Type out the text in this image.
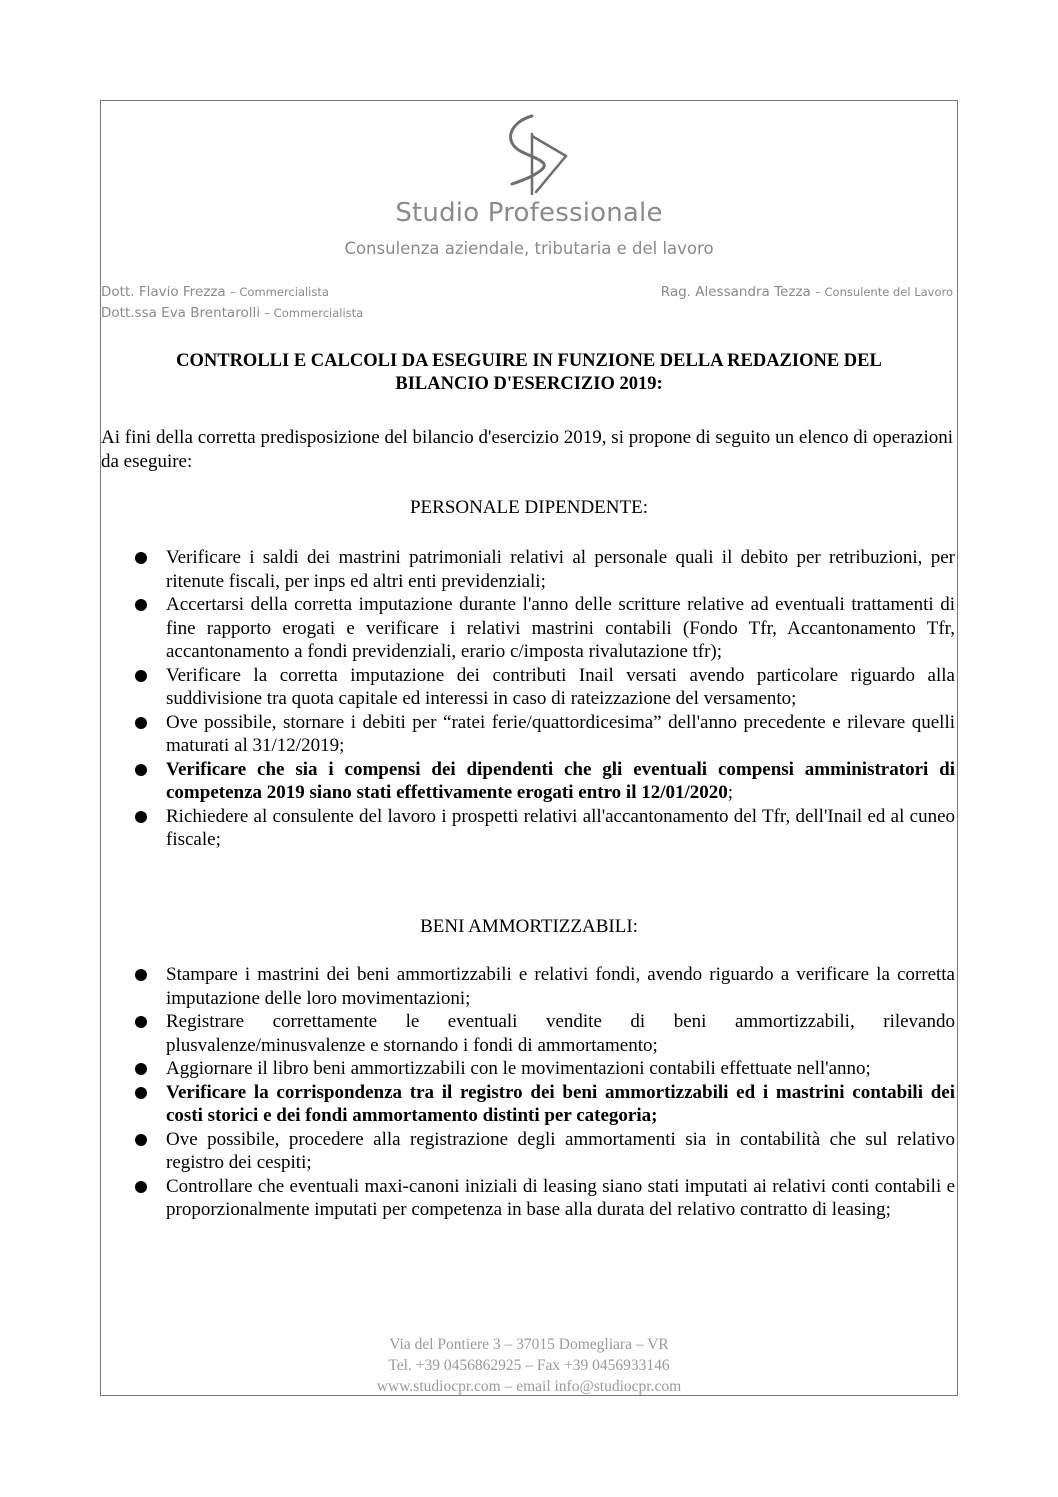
Studio Professionale
Consulenza aziendale, tributaria e del lavoro
Dott. Flavio Frezza – Commercialista
Dott.ssa Eva Brentarolli – Commercialista
Rag. Alessandra Tezza – Consulente del Lavoro
CONTROLLI E CALCOLI DA ESEGUIRE IN FUNZIONE DELLA REDAZIONE DEL
BILANCIO D'ESERCIZIO 2019:
Ai fini della corretta predisposizione del bilancio d'esercizio 2019, si propone di seguito un elenco di operazioni da eseguire:
PERSONALE DIPENDENTE:
Verificare i saldi dei mastrini patrimoniali relativi al personale quali il debito per retribuzioni, per ritenute fiscali, per inps ed altri enti previdenziali;
Accertarsi della corretta imputazione durante l'anno delle scritture relative ad eventuali trattamenti di fine rapporto erogati e verificare i relativi mastrini contabili (Fondo Tfr, Accantonamento Tfr, accantonamento a fondi previdenziali, erario c/imposta rivalutazione tfr);
Verificare la corretta imputazione dei contributi Inail versati avendo particolare riguardo alla suddivisione tra quota capitale ed interessi in caso di rateizzazione del versamento;
Ove possibile, stornare i debiti per “ratei ferie/quattordicesima” dell'anno precedente e rilevare quelli maturati al 31/12/2019;
Verificare che sia i compensi dei dipendenti che gli eventuali compensi amministratori di competenza 2019 siano stati effettivamente erogati entro il 12/01/2020;
Richiedere al consulente del lavoro i prospetti relativi all'accantonamento del Tfr, dell'Inail ed al cuneo fiscale;
BENI AMMORTIZZABILI:
Stampare i mastrini dei beni ammortizzabili e relativi fondi, avendo riguardo a verificare la corretta imputazione delle loro movimentazioni;
Registrare correttamente le eventuali vendite di beni ammortizzabili, rilevando plusvalenze/minusvalenze e stornando i fondi di ammortamento;
Aggiornare il libro beni ammortizzabili con le movimentazioni contabili effettuate nell'anno;
Verificare la corrispondenza tra il registro dei beni ammortizzabili ed i mastrini contabili dei costi storici e dei fondi ammortamento distinti per categoria;
Ove possibile, procedere alla registrazione degli ammortamenti sia in contabilità che sul relativo registro dei cespiti;
Controllare che eventuali maxi-canoni iniziali di leasing siano stati imputati ai relativi conti contabili e proporzionalmente imputati per competenza in base alla durata del relativo contratto di leasing;
Via del Pontiere 3 – 37015 Domegliara – VR
Tel. +39 0456862925 – Fax +39 0456933146
www.studiocpr.com – email info@studiocpr.com
